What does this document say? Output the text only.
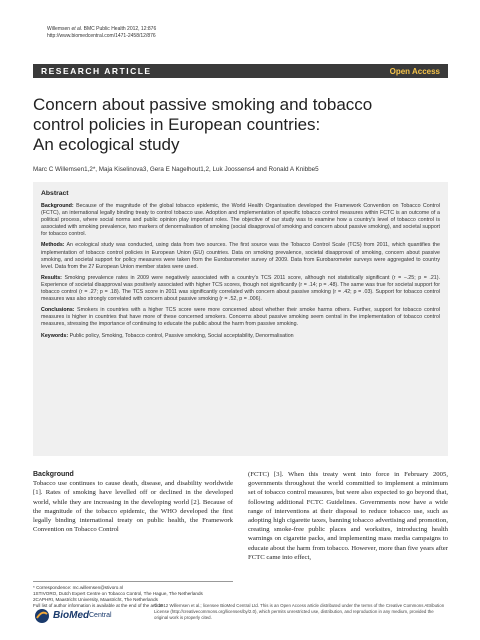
Willemsen et al. BMC Public Health 2012, 12:876
http://www.biomedcentral.com/1471-2458/12/876
RESEARCH ARTICLE	Open Access
Concern about passive smoking and tobacco
control policies in European countries:
An ecological study
Marc C Willemsen1,2*, Maja Kiselinova3, Gera E Nagelhout1,2, Luk Joossens4 and Ronald A Knibbe5
Abstract

Background: Because of the magnitude of the global tobacco epidemic, the World Health Organisation developed the Framework Convention on Tobacco Control (FCTC), an international legally binding treaty to control tobacco use. Adoption and implementation of specific tobacco control measures within FCTC is an outcome of a political process, where social norms and public opinion play important roles. The objective of our study was to examine how a country's level of tobacco control is associated with smoking prevalence, two markers of denormalisation of smoking (social disapproval of smoking and concern about passive smoking), and societal support for tobacco control.

Methods: An ecological study was conducted, using data from two sources. The first source was the Tobacco Control Scale (TCS) from 2011, which quantifies the implementation of tobacco control policies in European Union (EU) countries. Data on smoking prevalence, societal disapproval of smoking, concern about passive smoking, and societal support for policy measures were taken from the Eurobarometer survey of 2009. Data from Eurobarometer surveys were aggregated to country level. Data from the 27 European Union member states were used.

Results: Smoking prevalence rates in 2009 were negatively associated with a country's TCS 2011 score, although not statistically significant (r = −.25; p = .21). Experience of societal disapproval was positively associated with higher TCS scores, though not significantly (r = .14; p = .48). The same was true for societal support for tobacco control (r = .27; p = .18). The TCS score in 2011 was significantly correlated with concern about passive smoking (r = .42; p = .03). Support for tobacco control measures was also strongly correlated with concern about passive smoking (r = .52, p = .006).

Conclusions: Smokers in countries with a higher TCS score were more concerned about whether their smoke harms others. Further, support for tobacco control measures is higher in countries that have more of these concerned smokers. Concerns about passive smoking seem central in the implementation of tobacco control measures, stressing the importance of continuing to educate the public about the harm from passive smoking.

Keywords: Public policy, Smoking, Tobacco control, Passive smoking, Social acceptability, Denormalisation

Background

Tobacco use continues to cause death, disease, and disability worldwide [1]. Rates of smoking have levelled off or declined in the developed world, while they are increasing in the developing world [2]. Because of the magnitude of the tobacco epidemic, the WHO developed the first legally binding international treaty on public health, the Framework Convention on Tobacco Control

(FCTC) [3]. When this treaty went into force in February 2005, governments throughout the world committed to implement a minimum set of tobacco control measures, but were also expected to go beyond that, following additional FCTC Guidelines. Governments now have a wide range of interventions at their disposal to reduce tobacco use, such as adopting high cigarette taxes, banning tobacco advertising and promotion, creating smoke-free public places and worksites, introducing health warnings on cigarette packs, and implementing mass media campaigns to educate about the harm from tobacco. However, more than five years after FCTC came into effect,

* Correspondence: mc.willemsen@stivoro.nl
1STIVORO, Dutch Expert Centre on Tobacco Control, The Hague, The Netherlands
2CAPHRI, Maastricht University, Maastricht, The Netherlands
Full list of author information is available at the end of the article
BioMed Central
© 2012 Willemsen et al.; licensee BioMed Central Ltd. This is an Open Access article distributed under the terms of the Creative Commons Attribution License (http://creativecommons.org/licenses/by/2.0), which permits unrestricted use, distribution, and reproduction in any medium, provided the original work is properly cited.
